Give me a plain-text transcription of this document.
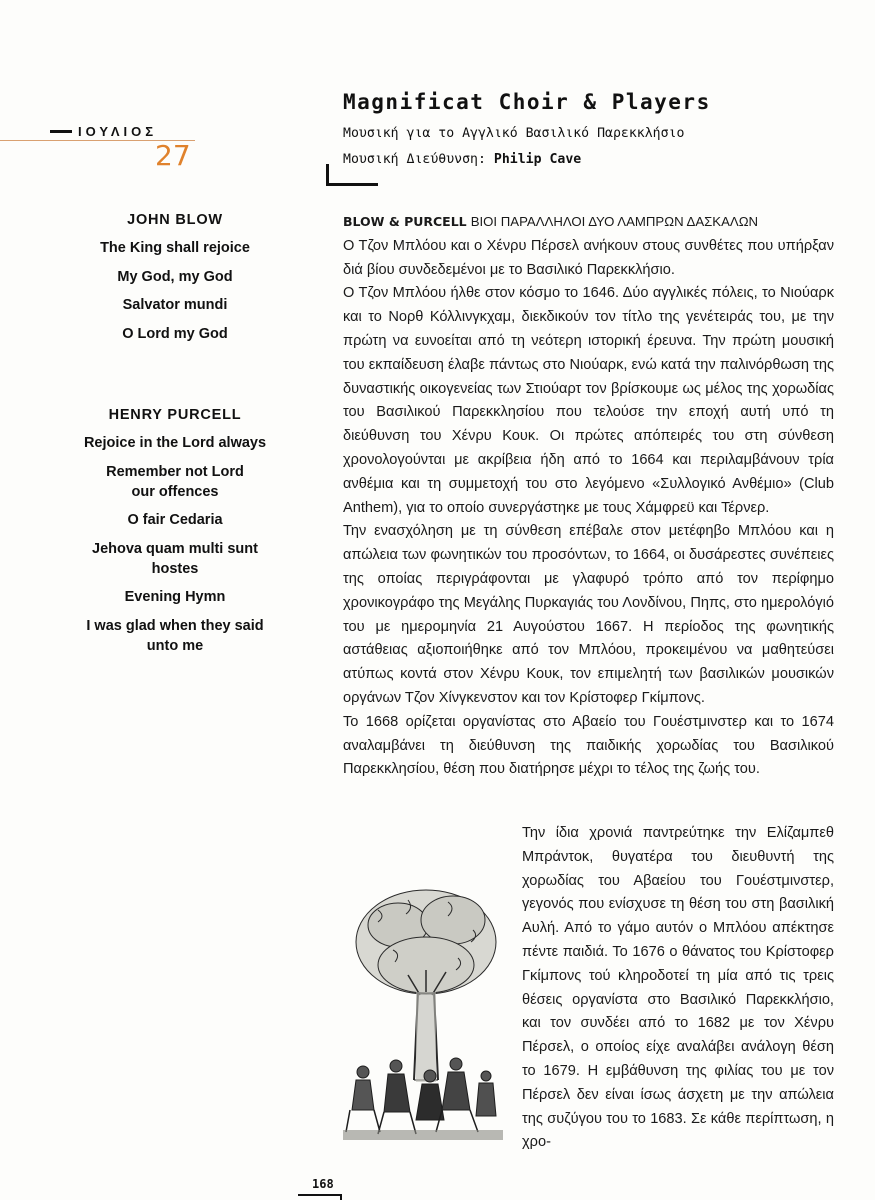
ΙΟΥΛΙΟΣ
27
Magnificat Choir & Players
Μουσική για το Αγγλικό Βασιλικό Παρεκκλήσιο
Μουσική Διεύθυνση: Philip Cave
JOHN BLOW
The King shall rejoice
My God, my God
Salvator mundi
O Lord my God
HENRY PURCELL
Rejoice in the Lord always
Remember not Lord our offences
O fair Cedaria
Jehova quam multi sunt hostes
Evening Hymn
I was glad when they said unto me

BLOW & PURCELL ΒΙΟΙ ΠΑΡΑΛΛΗΛΟΙ ΔΥΟ ΛΑΜΠΡΩΝ ΔΑΣΚΑΛΩΝ

Ο Τζον Μπλόου και ο Χένρυ Πέρσελ ανήκουν στους συνθέτες που υπήρξαν διά βίου συνδεδεμένοι με το Βασιλικό Παρεκκλήσιο.

Ο Τζον Μπλόου ήλθε στον κόσμο το 1646. Δύο αγγλικές πόλεις, το Νιούαρκ και το Νορθ Κόλλινγκχαμ, διεκδικούν τον τίτλο της γενέτειράς του, με την πρώτη να ευνοείται από τη νεότερη ιστορική έρευνα. Την πρώτη μουσική του εκπαίδευση έλαβε πάντως στο Νιούαρκ, ενώ κατά την παλινόρθωση της δυναστικής οικογενείας των Στιούαρτ τον βρίσκουμε ως μέλος της χορωδίας του Βασιλικού Παρεκκλησίου που τελούσε την εποχή αυτή υπό τη διεύθυνση του Χένρυ Κουκ. Οι πρώτες απόπειρές του στη σύνθεση χρονολογούνται με ακρίβεια ήδη από το 1664 και περιλαμβάνουν τρία ανθέμια και τη συμμετοχή του στο λεγόμενο «Συλλογικό Ανθέμιο» (Club Anthem), για το οποίο συνεργάστηκε με τους Χάμφρεϋ και Τέρνερ.

Την ενασχόληση με τη σύνθεση επέβαλε στον μετέφηβο Μπλόου και η απώλεια των φωνητικών του προσόντων, το 1664, οι δυσάρεστες συνέπειες της οποίας περιγράφονται με γλαφυρό τρόπο από τον περίφημο χρονικογράφο της Μεγάλης Πυρκαγιάς του Λονδίνου, Πηπς, στο ημερολόγιό του με ημερομηνία 21 Αυγούστου 1667. Η περίοδος της φωνητικής αστάθειας αξιοποιήθηκε από τον Μπλόου, προκειμένου να μαθητεύσει ατύπως κοντά στον Χένρυ Κουκ, τον επιμελητή των βασιλικών μουσικών οργάνων Τζον Χίνγκενστον και τον Κρίστοφερ Γκίμπονς.

Το 1668 ορίζεται οργανίστας στο Αβαείο του Γουέστμινστερ και το 1674 αναλαμβάνει τη διεύθυνση της παιδικής χορωδίας του Βασιλικού Παρεκκλησίου, θέση που διατήρησε μέχρι το τέλος της ζωής του.

Την ίδια χρονιά παντρεύτηκε την Ελίζαμπεθ Μπράντοκ, θυγατέρα του διευθυντή της χορωδίας του Αβαείου του Γουέστμινστερ, γεγονός που ενίσχυσε τη θέση του στη βασιλική Αυλή. Από το γάμο αυτόν ο Μπλόου απέκτησε πέντε παιδιά. Το 1676 ο θάνατος του Κρίστοφερ Γκίμπονς τού κληροδοτεί τη μία από τις τρεις θέσεις οργανίστα στο Βασιλικό Παρεκκλήσιο, και τον συνδέει από το 1682 με τον Χένρυ Πέρσελ, ο οποίος είχε αναλάβει ανάλογη θέση το 1679. Η εμβάθυνση της φιλίας του με τον Πέρσελ δεν είναι ίσως άσχετη με την απώλεια της συζύγου του το 1683. Σε κάθε περίπτωση, η χρο-

168
